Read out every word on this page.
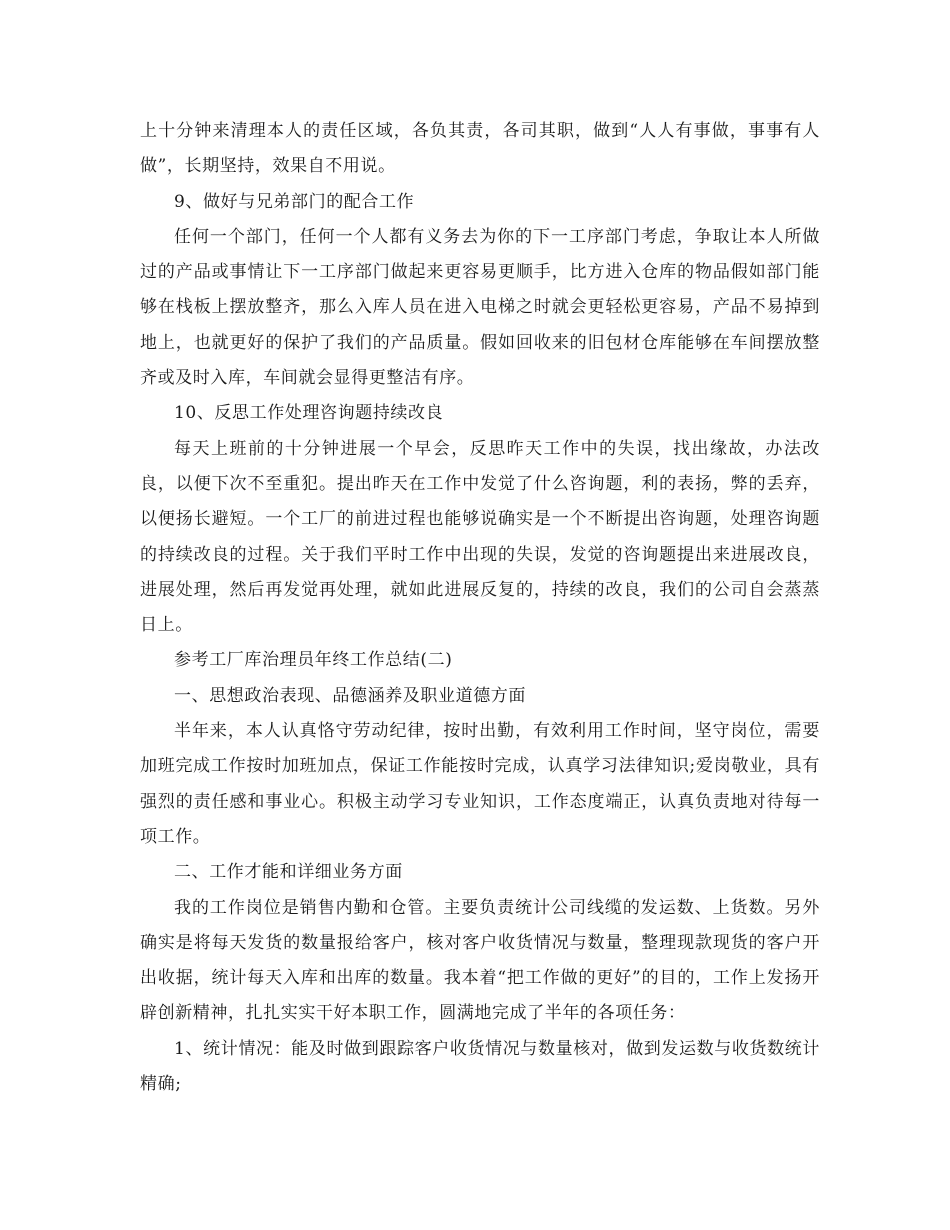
上十分钟来清理本人的责任区域，各负其责，各司其职，做到“人人有事做，事事有人做”，长期坚持，效果自不用说。

9、做好与兄弟部门的配合工作

任何一个部门，任何一个人都有义务去为你的下一工序部门考虑，争取让本人所做过的产品或事情让下一工序部门做起来更容易更顺手，比方进入仓库的物品假如部门能够在栈板上摆放整齐，那么入库人员在进入电梯之时就会更轻松更容易，产品不易掉到地上，也就更好的保护了我们的产品质量。假如回收来的旧包材仓库能够在车间摆放整齐或及时入库，车间就会显得更整洁有序。

10、反思工作处理咨询题持续改良

每天上班前的十分钟进展一个早会，反思昨天工作中的失误，找出缘故，办法改良，以便下次不至重犯。提出昨天在工作中发觉了什么咨询题，利的表扬，弊的丢弃，以便扬长避短。一个工厂的前进过程也能够说确实是一个不断提出咨询题，处理咨询题的持续改良的过程。关于我们平时工作中出现的失误，发觉的咨询题提出来进展改良，进展处理，然后再发觉再处理，就如此进展反复的，持续的改良，我们的公司自会蒸蒸日上。

参考工厂库治理员年终工作总结(二)

一、思想政治表现、品德涵养及职业道德方面

半年来，本人认真恪守劳动纪律，按时出勤，有效利用工作时间，坚守岗位，需要加班完成工作按时加班加点，保证工作能按时完成，认真学习法律知识;爱岗敬业，具有强烈的责任感和事业心。积极主动学习专业知识，工作态度端正，认真负责地对待每一项工作。

二、工作才能和详细业务方面

我的工作岗位是销售内勤和仓管。主要负责统计公司线缆的发运数、上货数。另外确实是将每天发货的数量报给客户，核对客户收货情况与数量，整理现款现货的客户开出收据，统计每天入库和出库的数量。我本着“把工作做的更好”的目的，工作上发扬开辟创新精神，扎扎实实干好本职工作，圆满地完成了半年的各项任务：

1、统计情况：能及时做到跟踪客户收货情况与数量核对，做到发运数与收货数统计精确;
